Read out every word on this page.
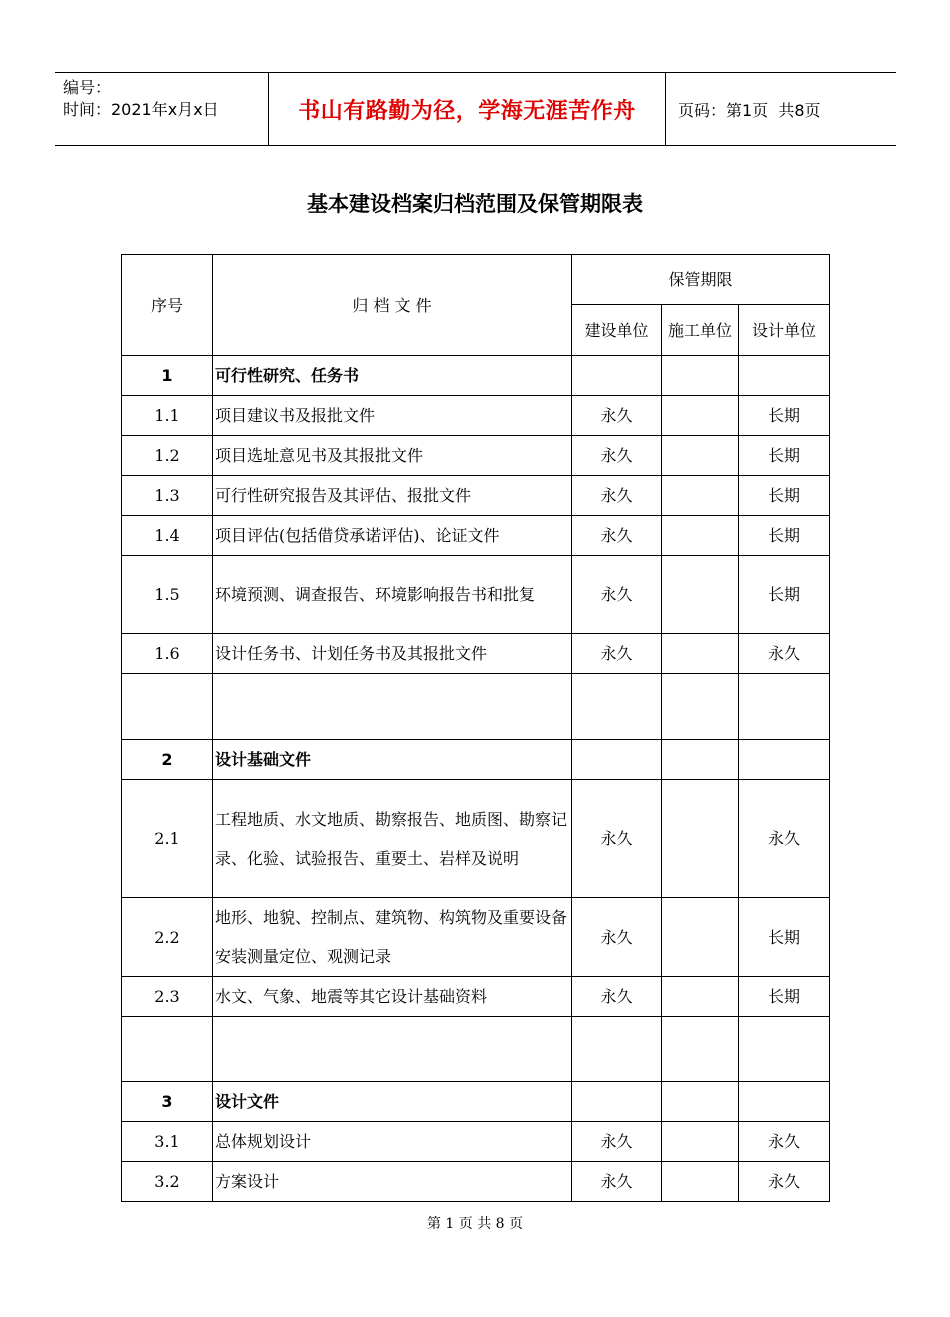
编号：
时间：2021年x月x日	书山有路勤为径，学海无涯苦作舟	页码：第1页  共8页
基本建设档案归档范围及保管期限表
序号	归 档 文 件	保管期限		
		建设单位	施工单位	设计单位
1	可行性研究、任务书			
1.1	项目建议书及报批文件	永久		长期
1.2	项目选址意见书及其报批文件	永久		长期
1.3	可行性研究报告及其评估、报批文件	永久		长期
1.4	项目评估(包括借贷承诺评估)、论证文件	永久		长期
1.5	环境预测、调查报告、环境影响报告书和批复	永久		长期
1.6	设计任务书、计划任务书及其报批文件	永久		永久

2	设计基础文件			
2.1	工程地质、水文地质、勘察报告、地质图、勘察记录、化验、试验报告、重要土、岩样及说明	永久		永久
2.2	地形、地貌、控制点、建筑物、构筑物及重要设备安装测量定位、观测记录	永久		长期
2.3	水文、气象、地震等其它设计基础资料	永久		长期

3	设计文件			
3.1	总体规划设计	永久		永久
3.2	方案设计	永久		永久
第 1 页 共 8 页
